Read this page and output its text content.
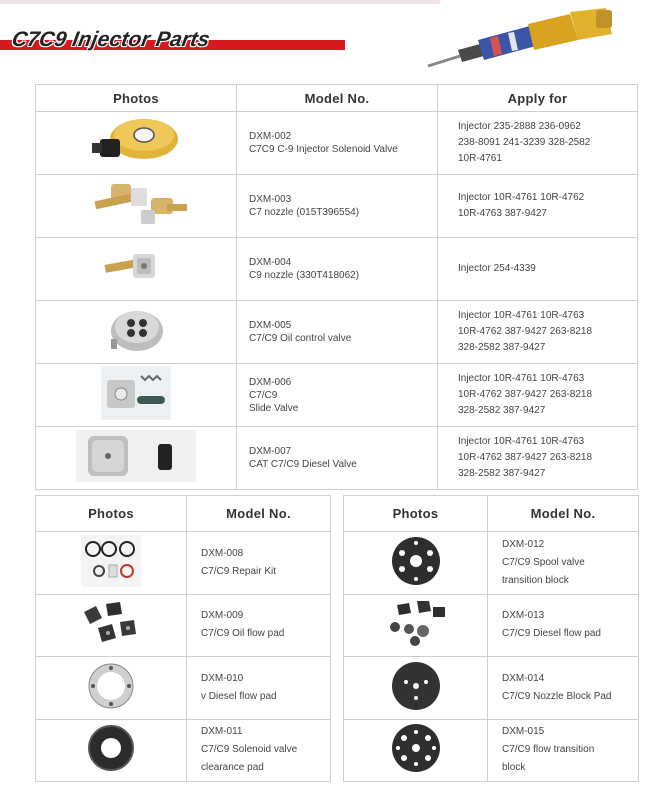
C7C9 Injector Parts
Photos	Model No.	Apply for

DXM-002
C7C9 C-9 Injector Solenoid Valve	Injector 235-2888 236-0962
238-8091 241-3239 328-2582
10R-4761

DXM-003
C7 nozzle (015T396554)	Injector 10R-4761 10R-4762
10R-4763 387-9427

DXM-004
C9 nozzle (330T418062)	Injector 254-4339

DXM-005
C7/C9 Oil control valve	Injector 10R-4761 10R-4763
10R-4762 387-9427 263-8218
328-2582 387-9427

DXM-006
C7/C9
Slide Valve	Injector 10R-4761 10R-4763
10R-4762 387-9427 263-8218
328-2582 387-9427

DXM-007
CAT C7/C9 Diesel Valve	Injector 10R-4761 10R-4763
10R-4762 387-9427 263-8218
328-2582 387-9427
Photos	Model No.

DXM-008
C7/C9 Repair Kit

DXM-009
C7/C9 Oil flow pad

DXM-010
v Diesel flow pad

DXM-011
C7/C9 Solenoid valve
clearance pad
Photos	Model No.

DXM-012
C7/C9 Spool valve
transition block

DXM-013
C7/C9 Diesel flow pad

DXM-014
C7/C9 Nozzle Block Pad

DXM-015
C7/C9 flow transition
block
